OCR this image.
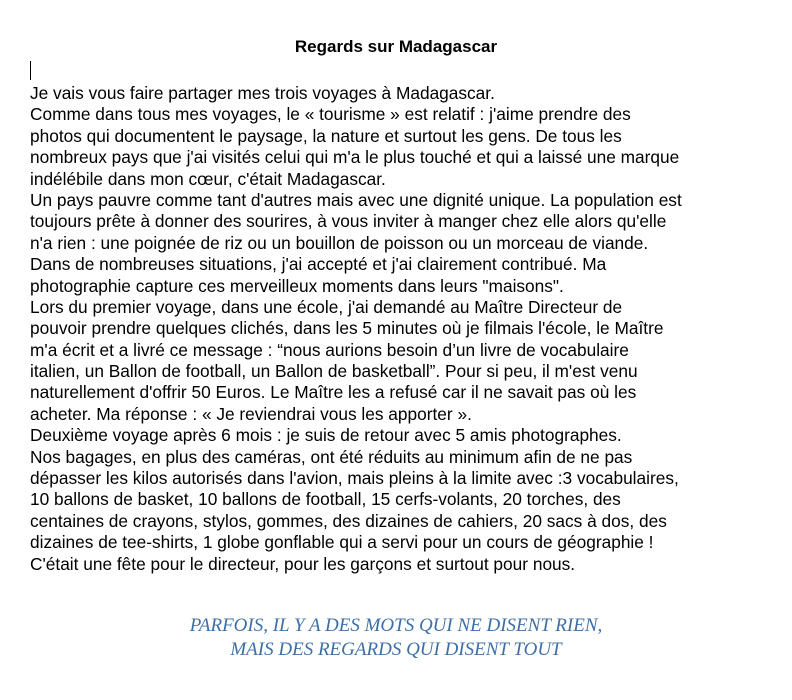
Regards sur Madagascar
Je vais vous faire partager mes trois voyages à Madagascar.
Comme dans tous mes voyages, le « tourisme » est relatif : j'aime prendre des
photos qui documentent le paysage, la nature et surtout les gens. De tous les
nombreux pays que j'ai visités celui qui m'a le plus touché et qui a laissé une marque
indélébile dans mon cœur, c'était Madagascar.
Un pays pauvre comme tant d'autres mais avec une dignité unique. La population est
toujours prête à donner des sourires, à vous inviter à manger chez elle alors qu'elle
n'a rien : une poignée de riz ou un bouillon de poisson ou un morceau de viande.
Dans de nombreuses situations, j'ai accepté et j'ai clairement contribué. Ma
photographie capture ces merveilleux moments dans leurs "maisons".
Lors du premier voyage, dans une école, j'ai demandé au Maître Directeur de
pouvoir prendre quelques clichés, dans les 5 minutes où je filmais l'école, le Maître
m'a écrit et a livré ce message : “nous aurions besoin d’un livre de vocabulaire
italien, un Ballon de football, un Ballon de basketball”. Pour si peu, il m'est venu
naturellement d'offrir 50 Euros. Le Maître les a refusé car il ne savait pas où les
acheter. Ma réponse : « Je reviendrai vous les apporter ».
Deuxième voyage après 6 mois : je suis de retour avec 5 amis photographes.
Nos bagages, en plus des caméras, ont été réduits au minimum afin de ne pas
dépasser les kilos autorisés dans l'avion, mais pleins à la limite avec :3 vocabulaires,
10 ballons de basket, 10 ballons de football, 15 cerfs-volants, 20 torches, des
centaines de crayons, stylos, gommes, des dizaines de cahiers, 20 sacs à dos, des
dizaines de tee-shirts, 1 globe gonflable qui a servi pour un cours de géographie !
C'était une fête pour le directeur, pour les garçons et surtout pour nous.
PARFOIS, IL Y A DES MOTS QUI NE DISENT RIEN,
MAIS DES REGARDS QUI DISENT TOUT
